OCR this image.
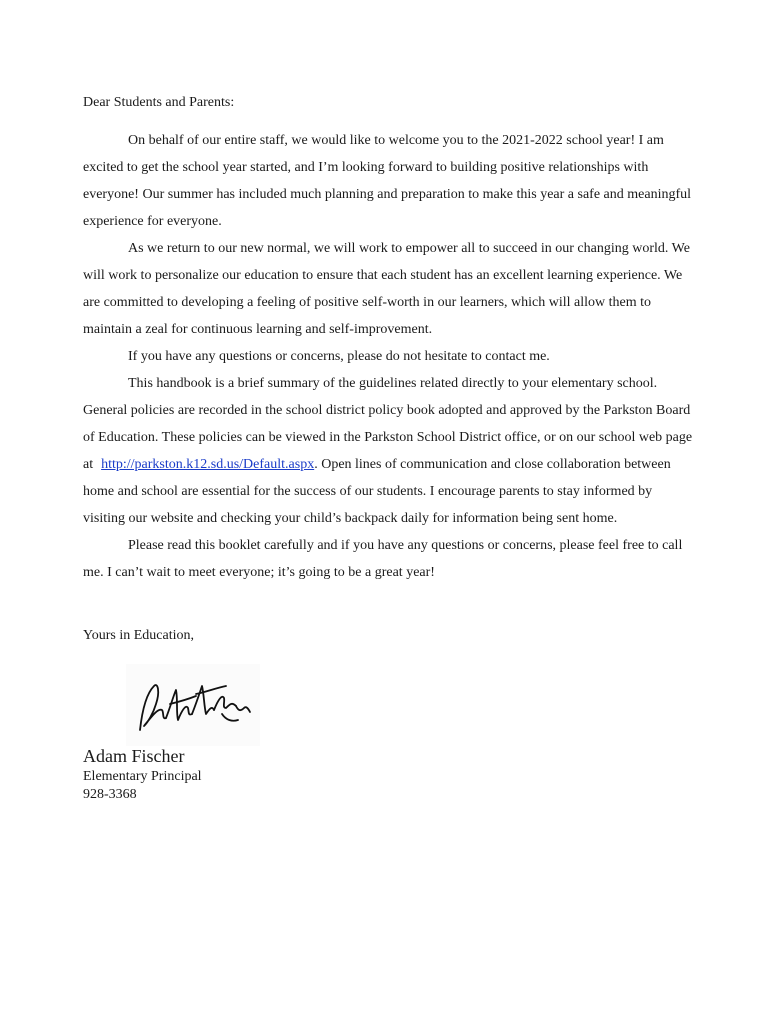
Dear Students and Parents:

On behalf of our entire staff, we would like to welcome you to the 2021-2022 school year! I am excited to get the school year started, and I’m looking forward to building positive relationships with everyone! Our summer has included much planning and preparation to make this year a safe and meaningful experience for everyone.

As we return to our new normal, we will work to empower all to succeed in our changing world. We will work to personalize our education to ensure that each student has an excellent learning experience. We are committed to developing a feeling of positive self-worth in our learners, which will allow them to maintain a zeal for continuous learning and self-improvement.

If you have any questions or concerns, please do not hesitate to contact me.

This handbook is a brief summary of the guidelines related directly to your elementary school. General policies are recorded in the school district policy book adopted and approved by the Parkston Board of Education. These policies can be viewed in the Parkston School District office, or on our school web page at http://parkston.k12.sd.us/Default.aspx. Open lines of communication and close collaboration between home and school are essential for the success of our students. I encourage parents to stay informed by visiting our website and checking your child’s backpack daily for information being sent home.

Please read this booklet carefully and if you have any questions or concerns, please feel free to call me. I can’t wait to meet everyone; it’s going to be a great year!

Yours in Education,
Adam Fischer
Elementary Principal
928-3368
